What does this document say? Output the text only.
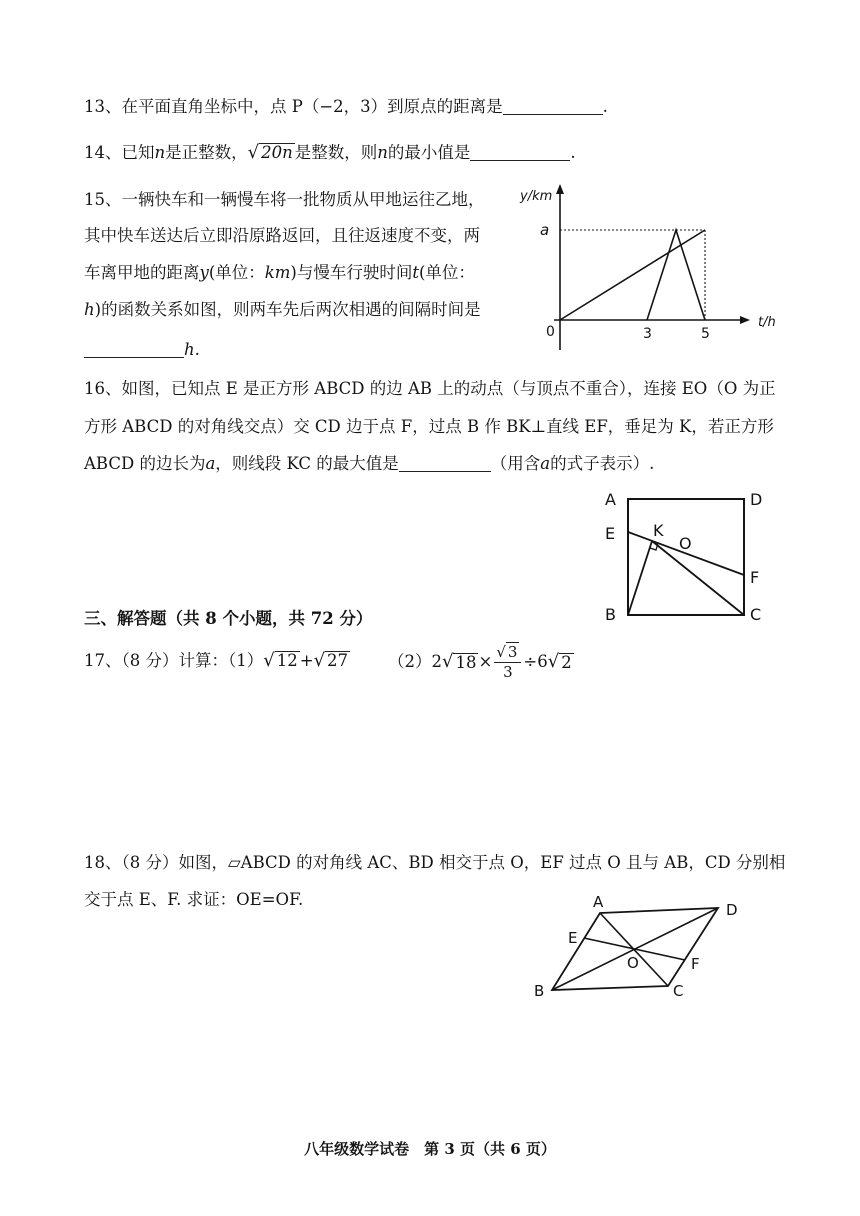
13、在平面直角坐标中，点 P（−2，3）到原点的距离是	.
14、已知n是正整数，√ 20n 是整数，则n的最小值是	.
15、一辆快车和一辆慢车将一批物质从甲地运往乙地，
其中快车送达后立即沿原路返回，且往返速度不变，两
车离甲地的距离y(单位：km)与慢车行驶时间t(单位：
h)的函数关系如图，则两车先后两次相遇的间隔时间是
h.
y/km
t/h
0
a
3	5
16、如图，已知点 E 是正方形 ABCD 的边 AB 上的动点（与顶点不重合），连接 EO（O 为正
方形 ABCD 的对角线交点）交 CD 边于点 F，过点 B 作 BK⊥直线 EF，垂足为 K，若正方形
ABCD 的边长为a，则线段 KC 的最大值是	（用含a的式子表示）.
A	D
E K
O
F
B	C
三、解答题（共 8 个小题，共 72 分）
17、（8 分）计算：（1）√ 12 +√ 27 （2） 2 √ $18 \times \frac{√ 3}{3} \div 6$ √ 2
18、（8 分）如图，▱ABCD 的对角线 AC、BD 相交于点 O，EF 过点 O 且与 AB，CD 分别相
交于点 E、F. 求证：OE=OF.	A	D
E
O	F
B	C
八年级数学试卷　第 3 页（共 6 页）
